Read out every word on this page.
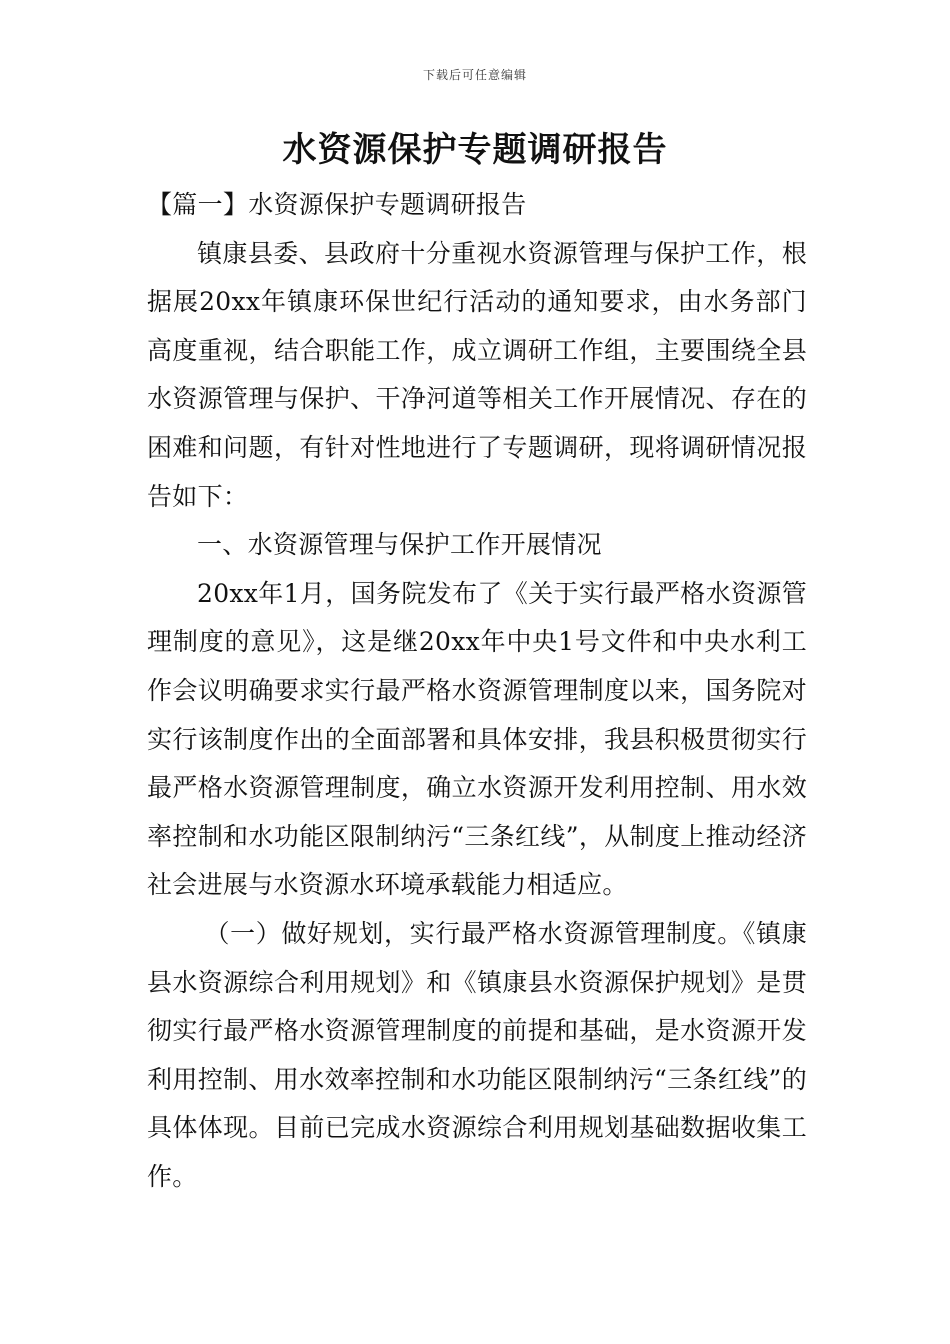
下载后可任意编辑
水资源保护专题调研报告

【篇一】水资源保护专题调研报告

镇康县委、县政府十分重视水资源管理与保护工作，根据展20xx年镇康环保世纪行活动的通知要求，由水务部门高度重视，结合职能工作，成立调研工作组，主要围绕全县水资源管理与保护、干净河道等相关工作开展情况、存在的困难和问题，有针对性地进行了专题调研，现将调研情况报告如下：

一、水资源管理与保护工作开展情况

20xx年1月，国务院发布了《关于实行最严格水资源管理制度的意见》，这是继20xx年中央1号文件和中央水利工作会议明确要求实行最严格水资源管理制度以来，国务院对实行该制度作出的全面部署和具体安排，我县积极贯彻实行最严格水资源管理制度，确立水资源开发利用控制、用水效率控制和水功能区限制纳污“三条红线”，从制度上推动经济社会进展与水资源水环境承载能力相适应。

（一）做好规划，实行最严格水资源管理制度。《镇康县水资源综合利用规划》和《镇康县水资源保护规划》是贯彻实行最严格水资源管理制度的前提和基础，是水资源开发利用控制、用水效率控制和水功能区限制纳污“三条红线”的具体体现。目前已完成水资源综合利用规划基础数据收集工作。
